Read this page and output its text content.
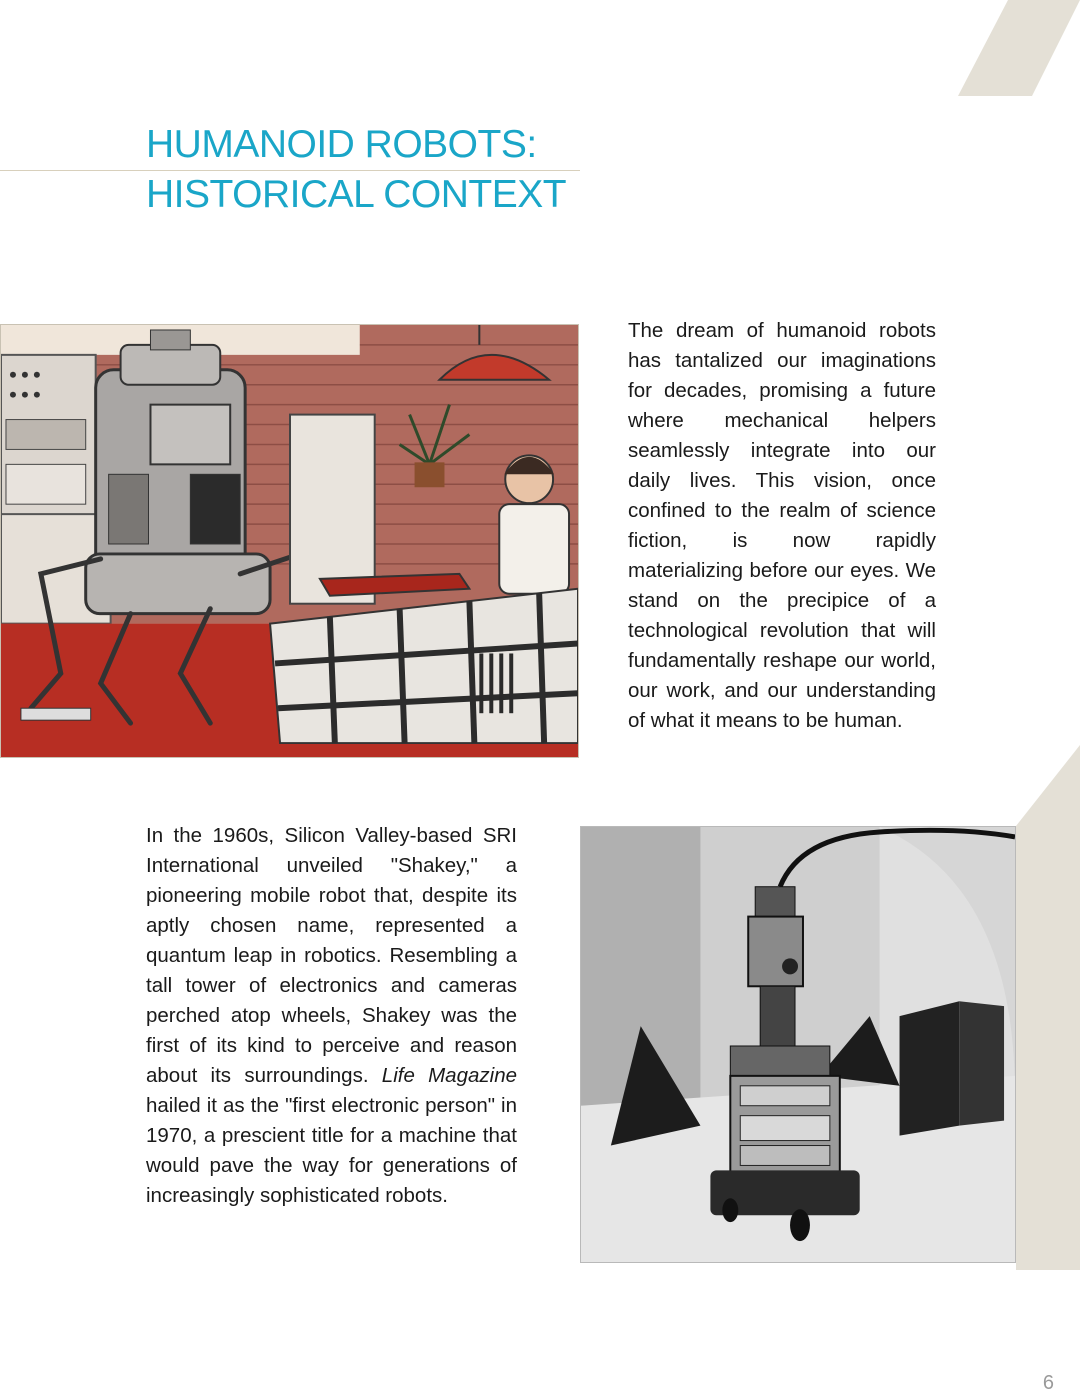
HUMANOID ROBOTS:
HISTORICAL CONTEXT

The dream of humanoid robots has tantalized our imaginations for decades, promising a future where mechanical helpers seamlessly integrate into our daily lives. This vision, once confined to the realm of science fiction, is now rapidly materializing before our eyes. We stand on the precipice of a technological revolution that will fundamentally reshape our world, our work, and our understanding of what it means to be human.

In the 1960s, Silicon Valley-based SRI International unveiled "Shakey," a pioneering mobile robot that, despite its aptly chosen name, represented a quantum leap in robotics. Resembling a tall tower of electronics and cameras perched atop wheels, Shakey was the first of its kind to perceive and reason about its surroundings. Life Magazine hailed it as the "first electronic person" in 1970, a prescient title for a machine that would pave the way for generations of increasingly sophisticated robots.

6
